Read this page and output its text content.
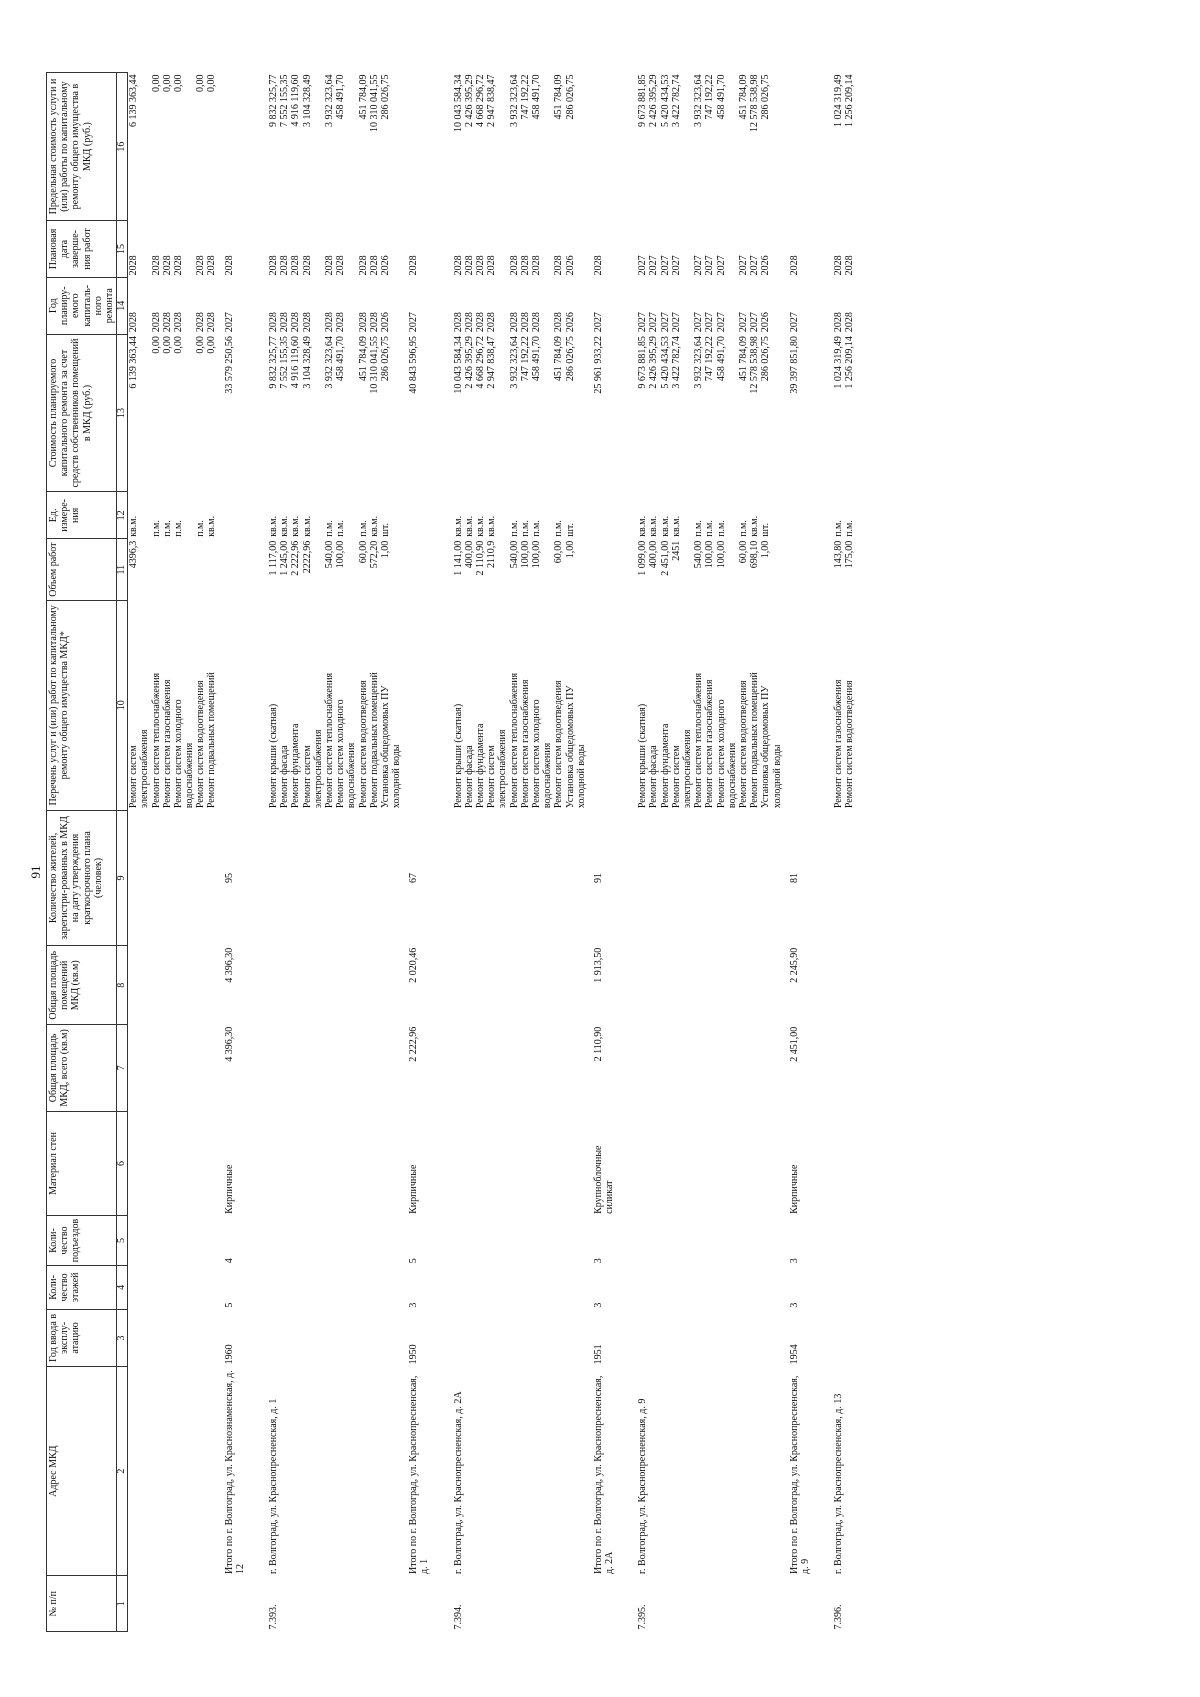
91
№ п/п	Адрес МКД	Год ввода в эксплу-атацию	Коли-чество этажей	Коли-чество подъездов	Материал стен	Общая площадь МКД, всего (кв.м)	Общая площадь помещений МКД (кв.м)	Количество жителей, зарегистри-рованных в МКД на дату утверждения краткосрочного плана (человек)	Перечень услуг и (или) работ по капитальному ремонту общего имущества МКД*	Объем работ	Ед. измере-ния	Стоимость планируемого капитального ремонта за счет средств собственников помещений в МКД (руб.)	Год планиру-емого капиталь-ного ремонта	Плановая дата заверше-ния работ	Предельная стоимость услуги и (или) работы по капитальному ремонту общего имущества в МКД (руб.)
1	2	3	4	5	6	7	8	9	10	11	12	13	14	15	16
									Ремонт систем	4396,3	кв.м.	6 139 363,44	2028	2028	6 139 363,44
									электроснабжения						
									Ремонт систем теплоснабжения		п.м.	0,00	2028	2028	0,00
									Ремонт систем газоснабжения		п.м.	0,00	2028	2028	0,00
									Ремонт систем холодного		п.м.	0,00	2028	2028	0,00
									водоснабжения						
									Ремонт систем водоотведения		п.м.	0,00	2028	2028	0,00
									Ремонт подвальных помещений		кв.м.	0,00	2028	2028	0,00
	Итого по г. Волгоград, ул. Краснознаменская, д. 12	1960	5	4	Кирпичные	4 396,30	4 396,30	95				33 579 250,56	2027	2028	
7.393.	г. Волгоград, ул. Краснопресненская, д. 1								Ремонт крыши (скатная)	1 117,00	кв.м.	9 832 325,77	2028	2028	9 832 325,77
									Ремонт фасада	1 245,00	кв.м.	7 552 155,35	2028	2028	7 552 155,35
									Ремонт фундамента	2 222,96	кв.м.	4 916 119,60	2028	2028	4 916 119,60
									Ремонт систем	2222,96	кв.м.	3 104 328,49	2028	2028	3 104 328,49
									электроснабжения						
									Ремонт систем теплоснабжения	540,00	п.м.	3 932 323,64	2028	2028	3 932 323,64
									Ремонт систем холодного	100,00	п.м.	458 491,70	2028	2028	458 491,70
									водоснабжения						
									Ремонт систем водоотведения	60,00	п.м.	451 784,09	2028	2028	451 784,09
									Ремонт подвальных помещений	572,20	кв.м.	10 310 041,55	2028	2028	10 310 041,55
									Установка общедомовых ПУ	1,00	шт.	286 026,75	2026	2026	286 026,75
									холодной воды						
	Итого по г. Волгоград, ул. Краснопресненская, д. 1	1950	3	5	Кирпичные	2 222,96	2 020,46	67				40 843 596,95	2027	2028	
7.394.	г. Волгоград, ул. Краснопресненская, д. 2А								Ремонт крыши (скатная)	1 141,00	кв.м.	10 043 584,34	2028	2028	10 043 584,34
									Ремонт фасада	400,00	кв.м.	2 426 395,29	2028	2028	2 426 395,29
									Ремонт фундамента	2 110,90	кв.м.	4 668 296,72	2028	2028	4 668 296,72
									Ремонт систем	2110,9	кв.м.	2 947 838,47	2028	2028	2 947 838,47
									электроснабжения						
									Ремонт систем теплоснабжения	540,00	п.м.	3 932 323,64	2028	2028	3 932 323,64
									Ремонт систем газоснабжения	100,00	п.м.	747 192,22	2028	2028	747 192,22
									Ремонт систем холодного	100,00	п.м.	458 491,70	2028	2028	458 491,70
									водоснабжения						
									Ремонт систем водоотведения	60,00	п.м.	451 784,09	2028	2028	451 784,09
									Установка общедомовых ПУ	1,00	шт.	286 026,75	2026	2026	286 026,75
									холодной воды						
	Итого по г. Волгоград, ул. Краснопресненская, д. 2А	1951	3	3	Крупноблочные силикат	2 110,90	1 913,50	91				25 961 933,22	2027	2028	
7.395.	г. Волгоград, ул. Краснопресненская, д. 9								Ремонт крыши (скатная)	1 099,00	кв.м.	9 673 881,85	2027	2027	9 673 881,85
									Ремонт фасада	400,00	кв.м.	2 426 395,29	2027	2027	2 426 395,29
									Ремонт фундамента	2 451,00	кв.м.	5 420 434,53	2027	2027	5 420 434,53
									Ремонт систем	2451	кв.м.	3 422 782,74	2027	2027	3 422 782,74
									электроснабжения						
									Ремонт систем теплоснабжения	540,00	п.м.	3 932 323,64	2027	2027	3 932 323,64
									Ремонт систем газоснабжения	100,00	п.м.	747 192,22	2027	2027	747 192,22
									Ремонт систем холодного	100,00	п.м.	458 491,70	2027	2027	458 491,70
									водоснабжения						
									Ремонт систем водоотведения	60,00	п.м.	451 784,09	2027	2027	451 784,09
									Ремонт подвальных помещений	698,10	кв.м.	12 578 538,98	2027	2027	12 578 538,98
									Установка общедомовых ПУ	1,00	шт.	286 026,75	2026	2026	286 026,75
									холодной воды						
	Итого по г. Волгоград, ул. Краснопресненская, д. 9	1954	3	3	Кирпичные	2 451,00	2 245,90	81				39 397 851,80	2027	2028	
7.396.	г. Волгоград, ул. Краснопресненская, д. 13								Ремонт систем газоснабжения	143,80	п.м.	1 024 319,49	2028	2028	1 024 319,49
									Ремонт систем водоотведения	175,00	п.м.	1 256 209,14	2028	2028	1 256 209,14
